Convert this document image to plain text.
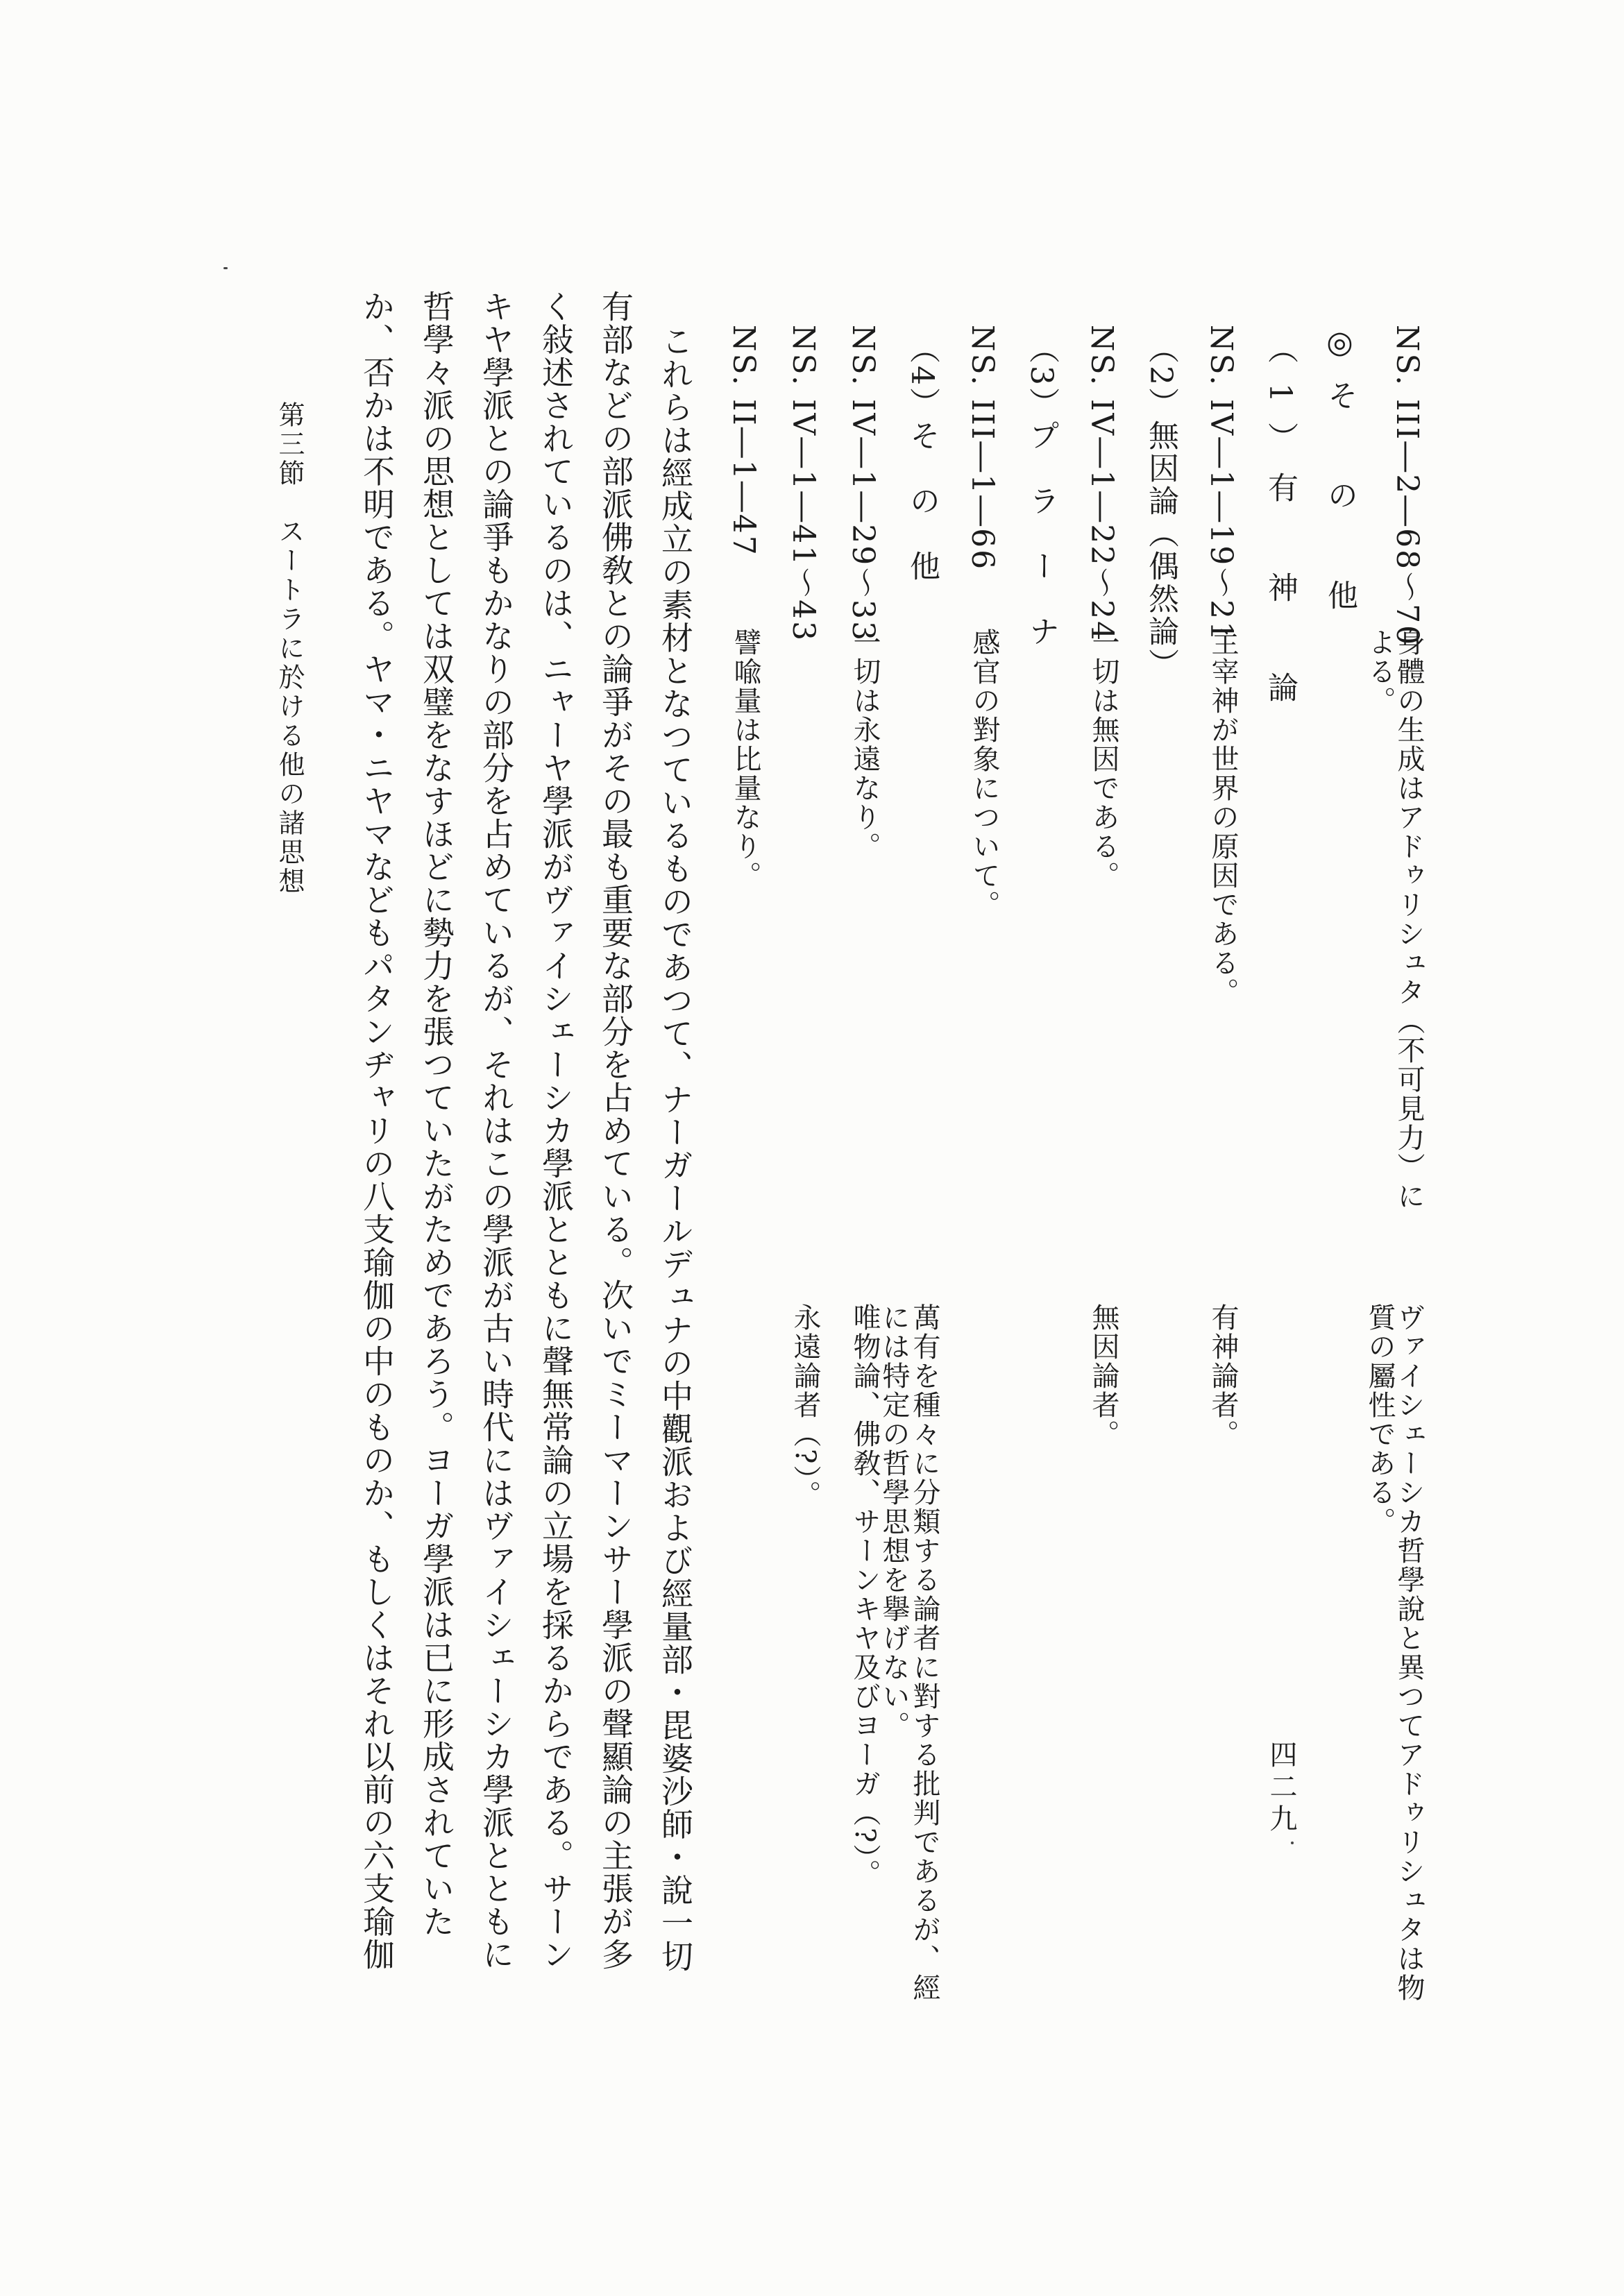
NS. III―2―68～70
身體の生成はアドゥリシュタ（不可見力）に
よる。
ヴァイシェーシカ哲學說と異つてアドゥリシュタは物
質の屬性である。
◎そ　の　他
（1）有　神　論
NS. IV―1―19～21
主宰神が世界の原因である。
有神論者。
（2）無因論（偶然論）
NS. IV―1―22～24
一切は無因である。
無因論者。
（3）プ　ラ　ー　ナ
NS. III―1―66
感官の對象について。
萬有を種々に分類する論者に對する批判であるが、經
には特定の哲學思想を擧げない。
唯物論、佛敎、サーンキヤ及びヨーガ（?）。
（4）そ　の　他
NS. IV―1―29～33
一切は永遠なり。
永遠論者（?）。
NS. IV―1―41～43
NS. II―1―47
譬喩量は比量なり。
これらは經成立の素材となつているものであつて、ナーガールデュナの中觀派および經量部・毘婆沙師・說一切
有部などの部派佛敎との論爭がその最も重要な部分を占めている。次いでミーマーンサー學派の聲顯論の主張が多
く敍述されているのは、ニャーヤ學派がヴァイシェーシカ學派とともに聲無常論の立場を採るからである。サーン
キヤ學派との論爭もかなりの部分を占めているが、それはこの學派が古い時代にはヴァイシェーシカ學派とともに
哲學々派の思想としては双璧をなすほどに勢力を張つていたがためであろう。ヨーガ學派は已に形成されていた
か、否かは不明である。ヤマ・ニヤマなどもパタンヂャリの八支瑜伽の中のものか、もしくはそれ以前の六支瑜伽
第三節　スートラに於ける他の諸思想
四二九
